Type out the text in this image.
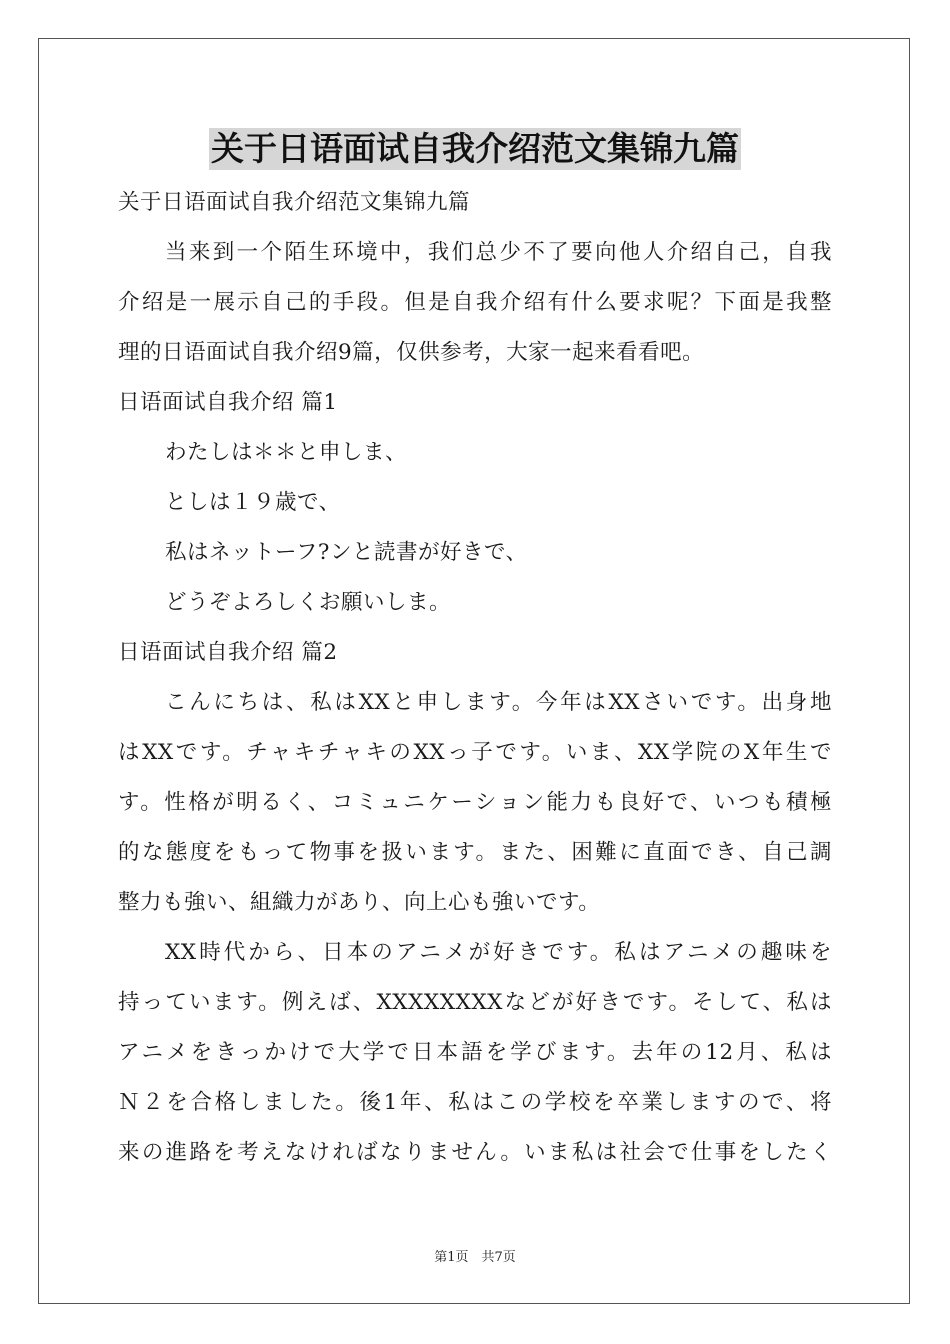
关于日语面试自我介绍范文集锦九篇
关于日语面试自我介绍范文集锦九篇
当来到一个陌生环境中，我们总少不了要向他人介绍自己，自我
介绍是一展示自己的手段。但是自我介绍有什么要求呢？下面是我整
理的日语面试自我介绍9篇，仅供参考，大家一起来看看吧。
日语面试自我介绍 篇1
わたしは＊＊と申しま、
としは１９歳で、
私はネットーフ?ンと読書が好きで、
どうぞよろしくお願いしま。
日语面试自我介绍 篇2
こんにちは、私はXXと申します。今年はXXさいです。出身地
はXXです。チャキチャキのXXっ子です。いま、XX学院のX年生で
す。性格が明るく、コミュニケーション能力も良好で、いつも積極
的な態度をもって物事を扱います。また、困難に直面でき、自己調
整力も強い、組織力があり、向上心も強いです。
XX時代から、日本のアニメが好きです。私はアニメの趣味を
持っています。例えば、XXXXXXXXなどが好きです。そして、私は
アニメをきっかけで大学で日本語を学びます。去年の12月、私は
Ｎ２を合格しました。後1年、私はこの学校を卒業しますので、将
来の進路を考えなければなりません。いま私は社会で仕事をしたく
第1页　共7页
